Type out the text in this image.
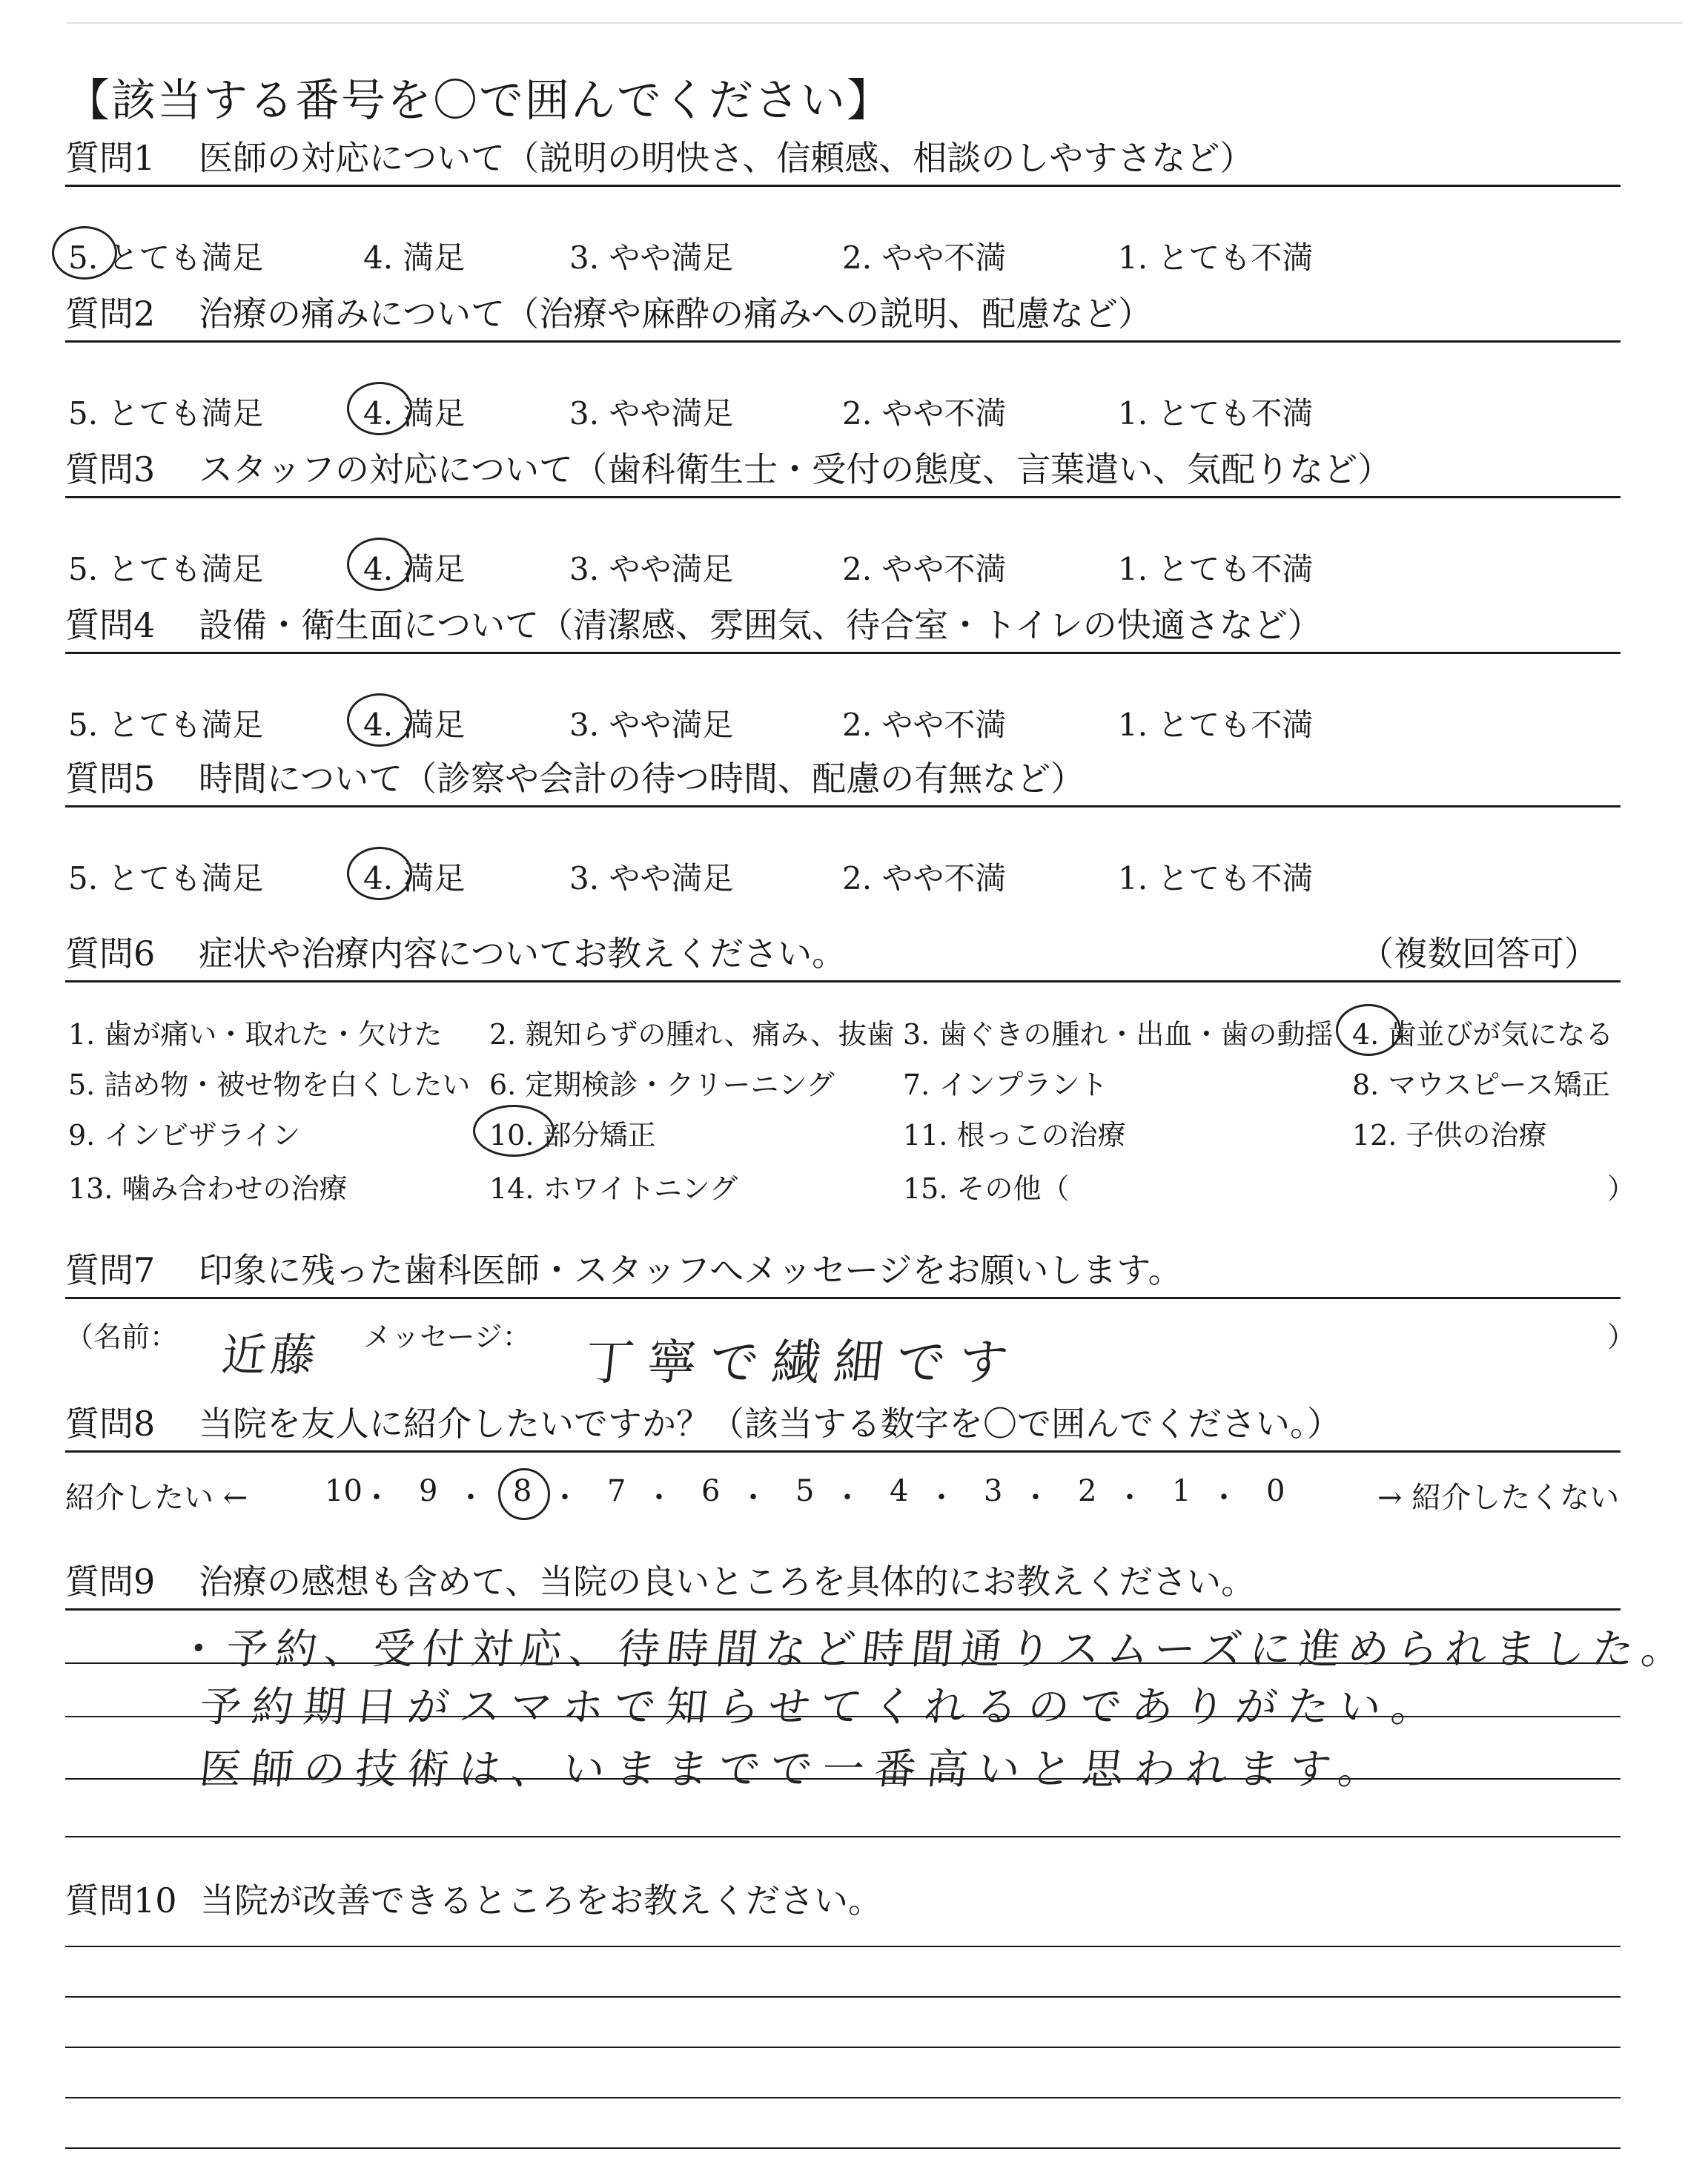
【該当する番号を〇で囲んでください】
質問1 医師の対応について（説明の明快さ、信頼感、相談のしやすさなど）
5. とても満足	4. 満足	3. やや満足	2. やや不満	1. とても不満
質問2 治療の痛みについて（治療や麻酔の痛みへの説明、配慮など）
5. とても満足	4. 満足	3. やや満足	2. やや不満	1. とても不満
質問3 スタッフの対応について（歯科衛生士・受付の態度、言葉遣い、気配りなど）
5. とても満足	4. 満足	3. やや満足	2. やや不満	1. とても不満
質問4 設備・衛生面について（清潔感、雰囲気、待合室・トイレの快適さなど）
5. とても満足	4. 満足	3. やや満足	2. やや不満	1. とても不満
質問5 時間について（診察や会計の待つ時間、配慮の有無など）
5. とても満足	4. 満足	3. やや満足	2. やや不満	1. とても不満
質問6 症状や治療内容についてお教えください。	（複数回答可）
1. 歯が痛い・取れた・欠けた 2. 親知らずの腫れ、痛み、抜歯 3. 歯ぐきの腫れ・出血・歯の動揺 4. 歯並びが気になる
5. 詰め物・被せ物を白くしたい 6. 定期検診・クリーニング 7. インプラント	8. マウスピース矯正
9. インビザライン	10. 部分矯正	11. 根っこの治療	12. 子供の治療
13. 噛み合わせの治療	14. ホワイトニング	15. その他（	）
質問7 印象に残った歯科医師・スタッフへメッセージをお願いします。
（名前： 近藤 メッセージ： 丁寧で繊細です	）
質問8 当院を友人に紹介したいですか？（該当する数字を〇で囲んでください。）
紹介したい ←	→ 紹介したくない
10 ・ 9 ・ 8 ・ 7 ・ 6 ・ 5 ・ 4 ・ 3 ・ 2 ・ 1 ・ 0
質問9 治療の感想も含めて、当院の良いところを具体的にお教えください。
・予約、受付対応、待時間など時間通りスムーズに進められました。
予約期日がスマホで知らせてくれるのでありがたい。
医師の技術は、いままでで一番高いと思われます。
質問10 当院が改善できるところをお教えください。
